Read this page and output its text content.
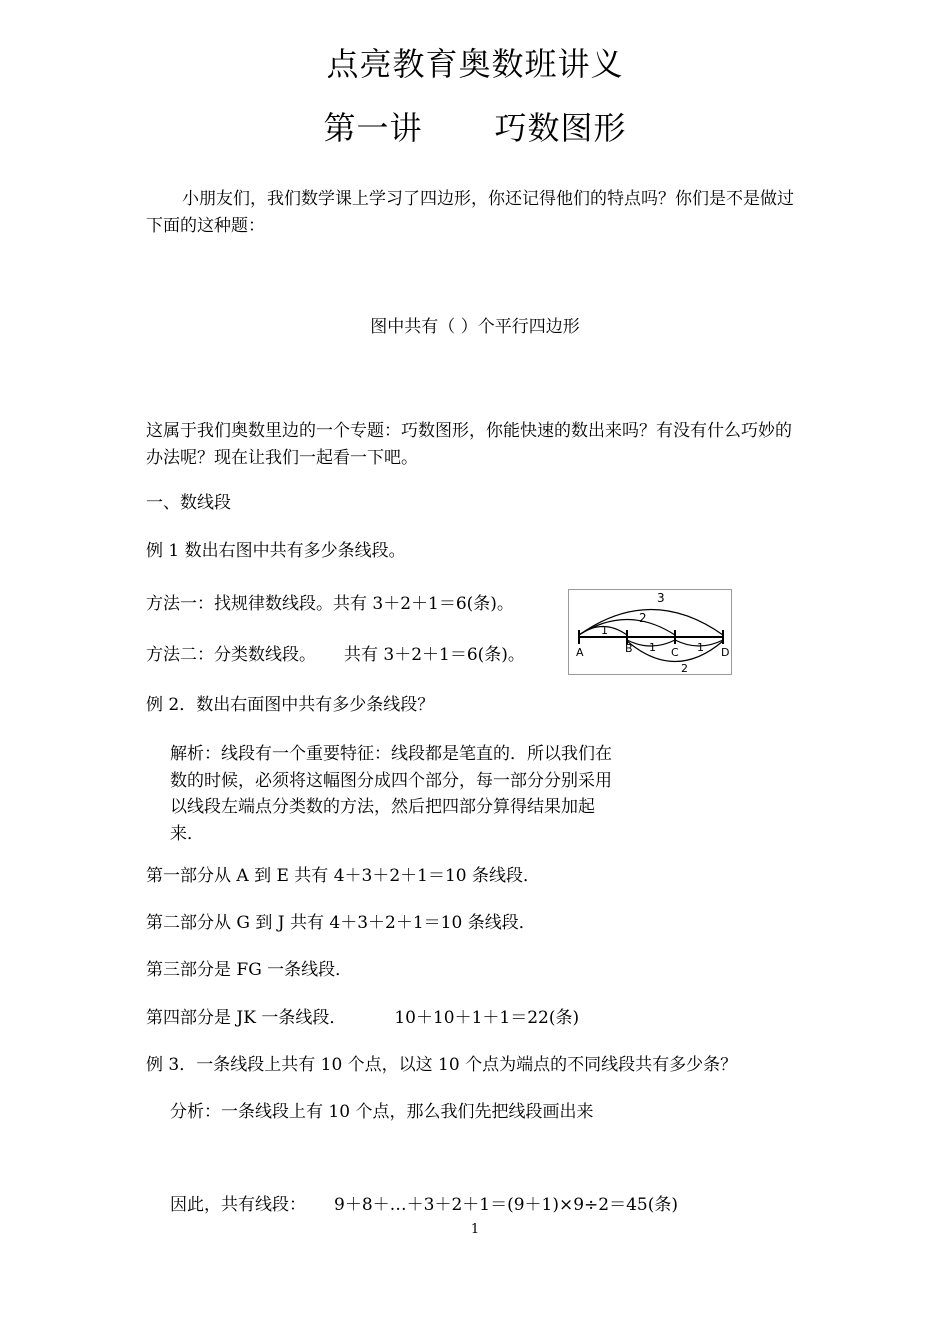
点亮教育奥数班讲义
第一讲 巧数图形
小朋友们，我们数学课上学习了四边形，你还记得他们的特点吗？你们是不是做过下面的这种题：
图中共有（ ）个平行四边形
这属于我们奥数里边的一个专题：巧数图形，你能快速的数出来吗？有没有什么巧妙的办法呢？现在让我们一起看一下吧。
一、数线段
例 1 数出右图中共有多少条线段。
方法一：找规律数线段。共有 3＋2＋1＝6(条)。
方法二：分类数线段。 共有 3＋2＋1＝6(条)。
3
2
1
1	1
2
A	B	C	D
例 2．数出右面图中共有多少条线段？
解析：线段有一个重要特征：线段都是笔直的．所以我们在数的时候，必须将这幅图分成四个部分，每一部分分别采用以线段左端点分类数的方法，然后把四部分算得结果加起来．
第一部分从 A 到 E 共有 4＋3＋2＋1＝10 条线段．
第二部分从 G 到 J 共有 4＋3＋2＋1＝10 条线段．
第三部分是 FG 一条线段．
第四部分是 JK 一条线段．	10＋10＋1＋1＝22(条)
例 3．一条线段上共有 10 个点，以这 10 个点为端点的不同线段共有多少条？
分析：一条线段上有 10 个点，那么我们先把线段画出来
因此，共有线段： 9＋8＋…＋3＋2＋1＝(9＋1)×9÷2＝45(条)
1
